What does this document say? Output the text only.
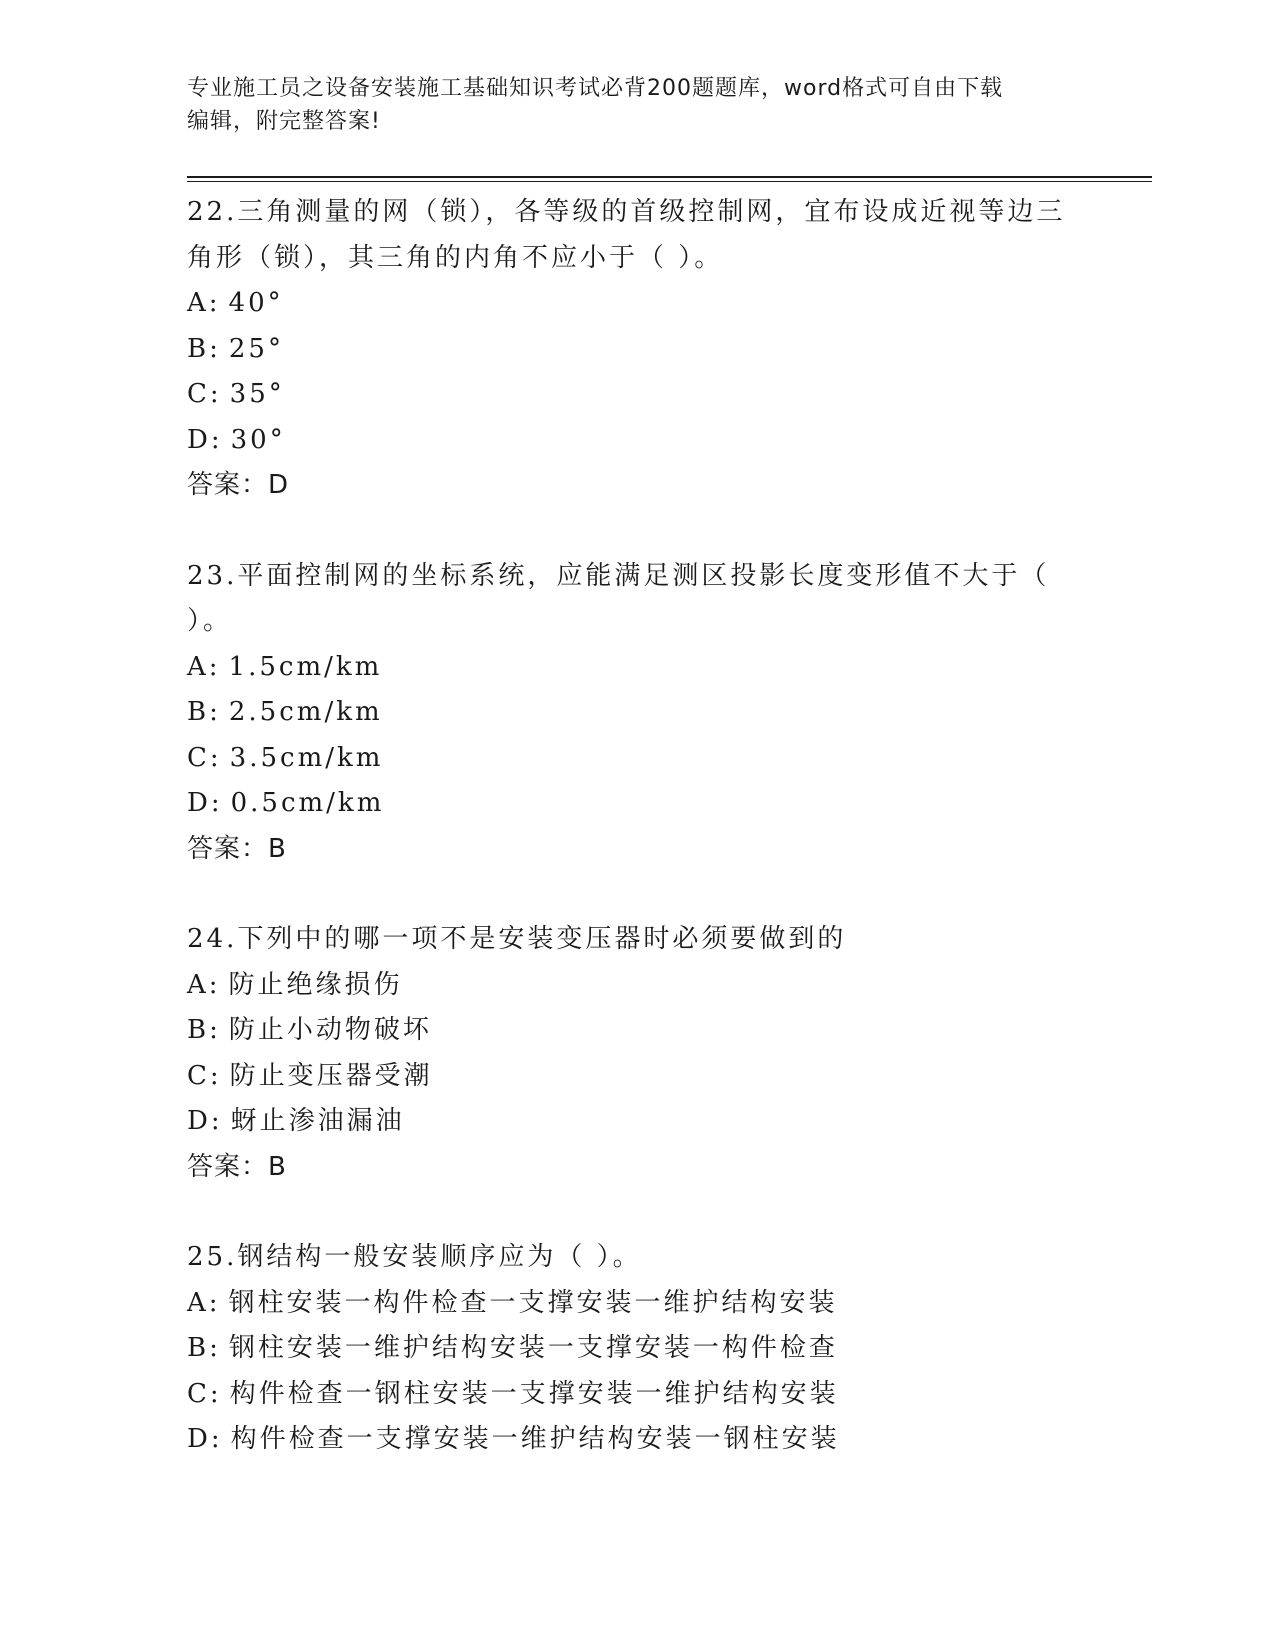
专业施工员之设备安装施工基础知识考试必背200题题库，word格式可自由下载
编辑，附完整答案!
22.三角测量的网（锁），各等级的首级控制网，宜布设成近视等边三
角形（锁），其三角的内角不应小于（ ）。
A: 40°
B: 25°
C: 35°
D: 30°
答案：D
23.平面控制网的坐标系统，应能满足测区投影长度变形值不大于（
）。
A: 1.5cm/km
B: 2.5cm/km
C: 3.5cm/km
D: 0.5cm/km
答案：B
24.下列中的哪一项不是安装变压器时必须要做到的
A: 防止绝缘损伤
B: 防止小动物破坏
C: 防止变压器受潮
D: 蚜止渗油漏油
答案：B
25.钢结构一般安装顺序应为（ ）。
A: 钢柱安装一构件检查一支撑安装一维护结构安装
B: 钢柱安装一维护结构安装一支撑安装一构件检查
C: 构件检查一钢柱安装一支撑安装一维护结构安装
D: 构件检查一支撑安装一维护结构安装一钢柱安装
